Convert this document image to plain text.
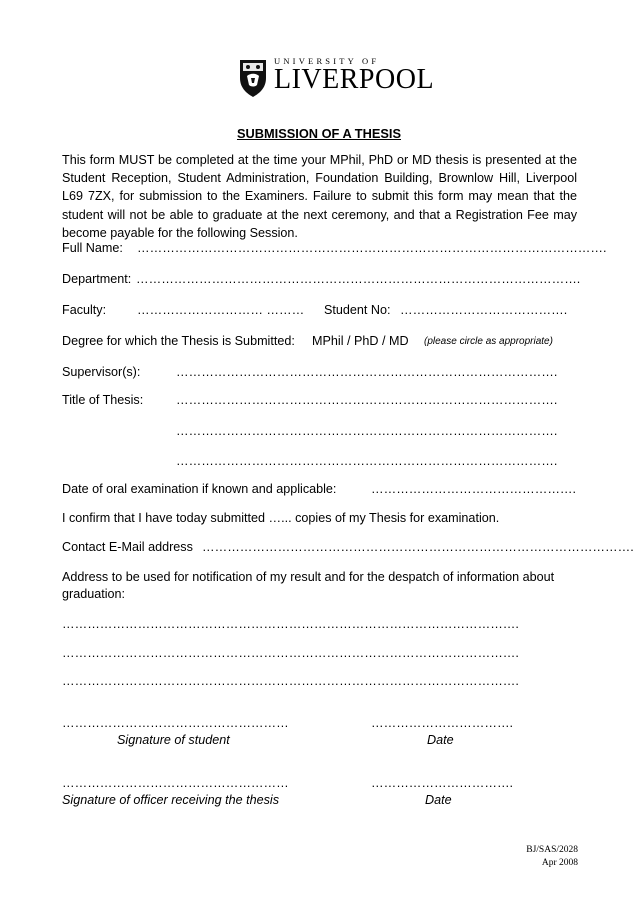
UNIVERSITY OF
LIVERPOOL
SUBMISSION OF A THESIS
This form MUST be completed at the time your MPhil, PhD or MD thesis is presented at the Student Reception, Student Administration, Foundation Building, Brownlow Hill, Liverpool L69 7ZX, for submission to the Examiners. Failure to submit this form may mean that the student will not be able to graduate at the next ceremony, and that a Registration Fee may become payable for the following Session.
Full Name: ………………………………………………………………………………………………….
Department: …………………………………………………………………………………………….
Faculty: ………………………… ……… Student No: ………………………………….
Degree for which the Thesis is Submitted: MPhil / PhD / MD (please circle as appropriate)
Supervisor(s):	……………………………………………………………………………….
Title of Thesis:	……………………………………………………………………………….
……………………………………………………………………………….
……………………………………………………………………………….
Date of oral examination if known and applicable:	………………………………………….
I confirm that I have today submitted …... copies of my Thesis for examination.
Contact E-Mail address ………………………………………………………………………………………….
Address to be used for notification of my result and for the despatch of information about graduation:
……………………………………………………………………………………………….
……………………………………………………………………………………………….
……………………………………………………………………………………………….
………………………………………………
Signature of student
…………………………….
Date
………………………………………………
Signature of officer receiving the thesis
…………………………….
Date
BJ/SAS/2028
Apr 2008
